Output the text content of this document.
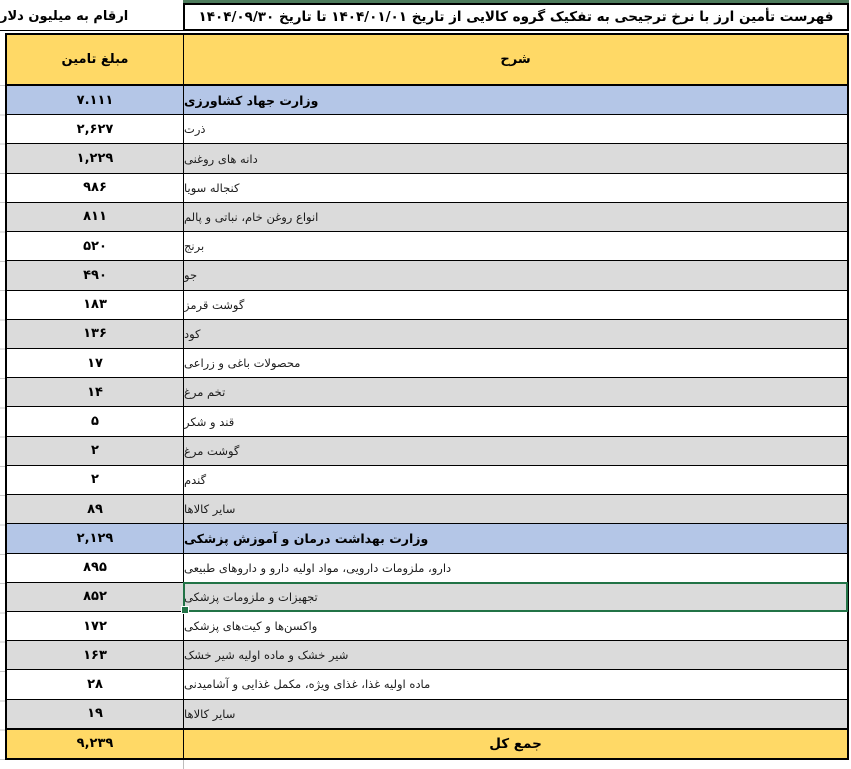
ارقام به میلیون دلار	فهرست تأمین ارز با نرخ ترجیحی به تفکیک گروه کالایی از تاریخ ۱۴۰۴/۰۱/۰۱ تا تاریخ ۱۴۰۴/۰۹/۳۰
مبلغ تامین	شرح
۷.۱۱۱	وزارت جهاد کشاورزی
۲,۶۲۷	ذرت
۱,۲۲۹	دانه های روغنی
۹۸۶	کنجاله سویا
۸۱۱	انواع روغن خام، نباتی و پالم
۵۲۰	برنج
۴۹۰	جو
۱۸۳	گوشت قرمز
۱۳۶	کود
۱۷	محصولات باغی و زراعی
۱۴	تخم مرغ
۵	قند و شکر
۲	گوشت مرغ
۲	گندم
۸۹	سایر کالاها
۲,۱۲۹	وزارت بهداشت درمان و آموزش پزشکی
۸۹۵	دارو، ملزومات دارویی، مواد اولیه دارو و داروهای طبیعی
۸۵۲	تجهیزات و ملزومات پزشکی
۱۷۲	واکسن‌ها و کیت‌های پزشکی
۱۶۳	شیر خشک و ماده اولیه شیر خشک
۲۸	ماده اولیه غذا، غذای ویژه، مکمل غذایی و آشامیدنی
۱۹	سایر کالاها
۹,۲۳۹	جمع کل
